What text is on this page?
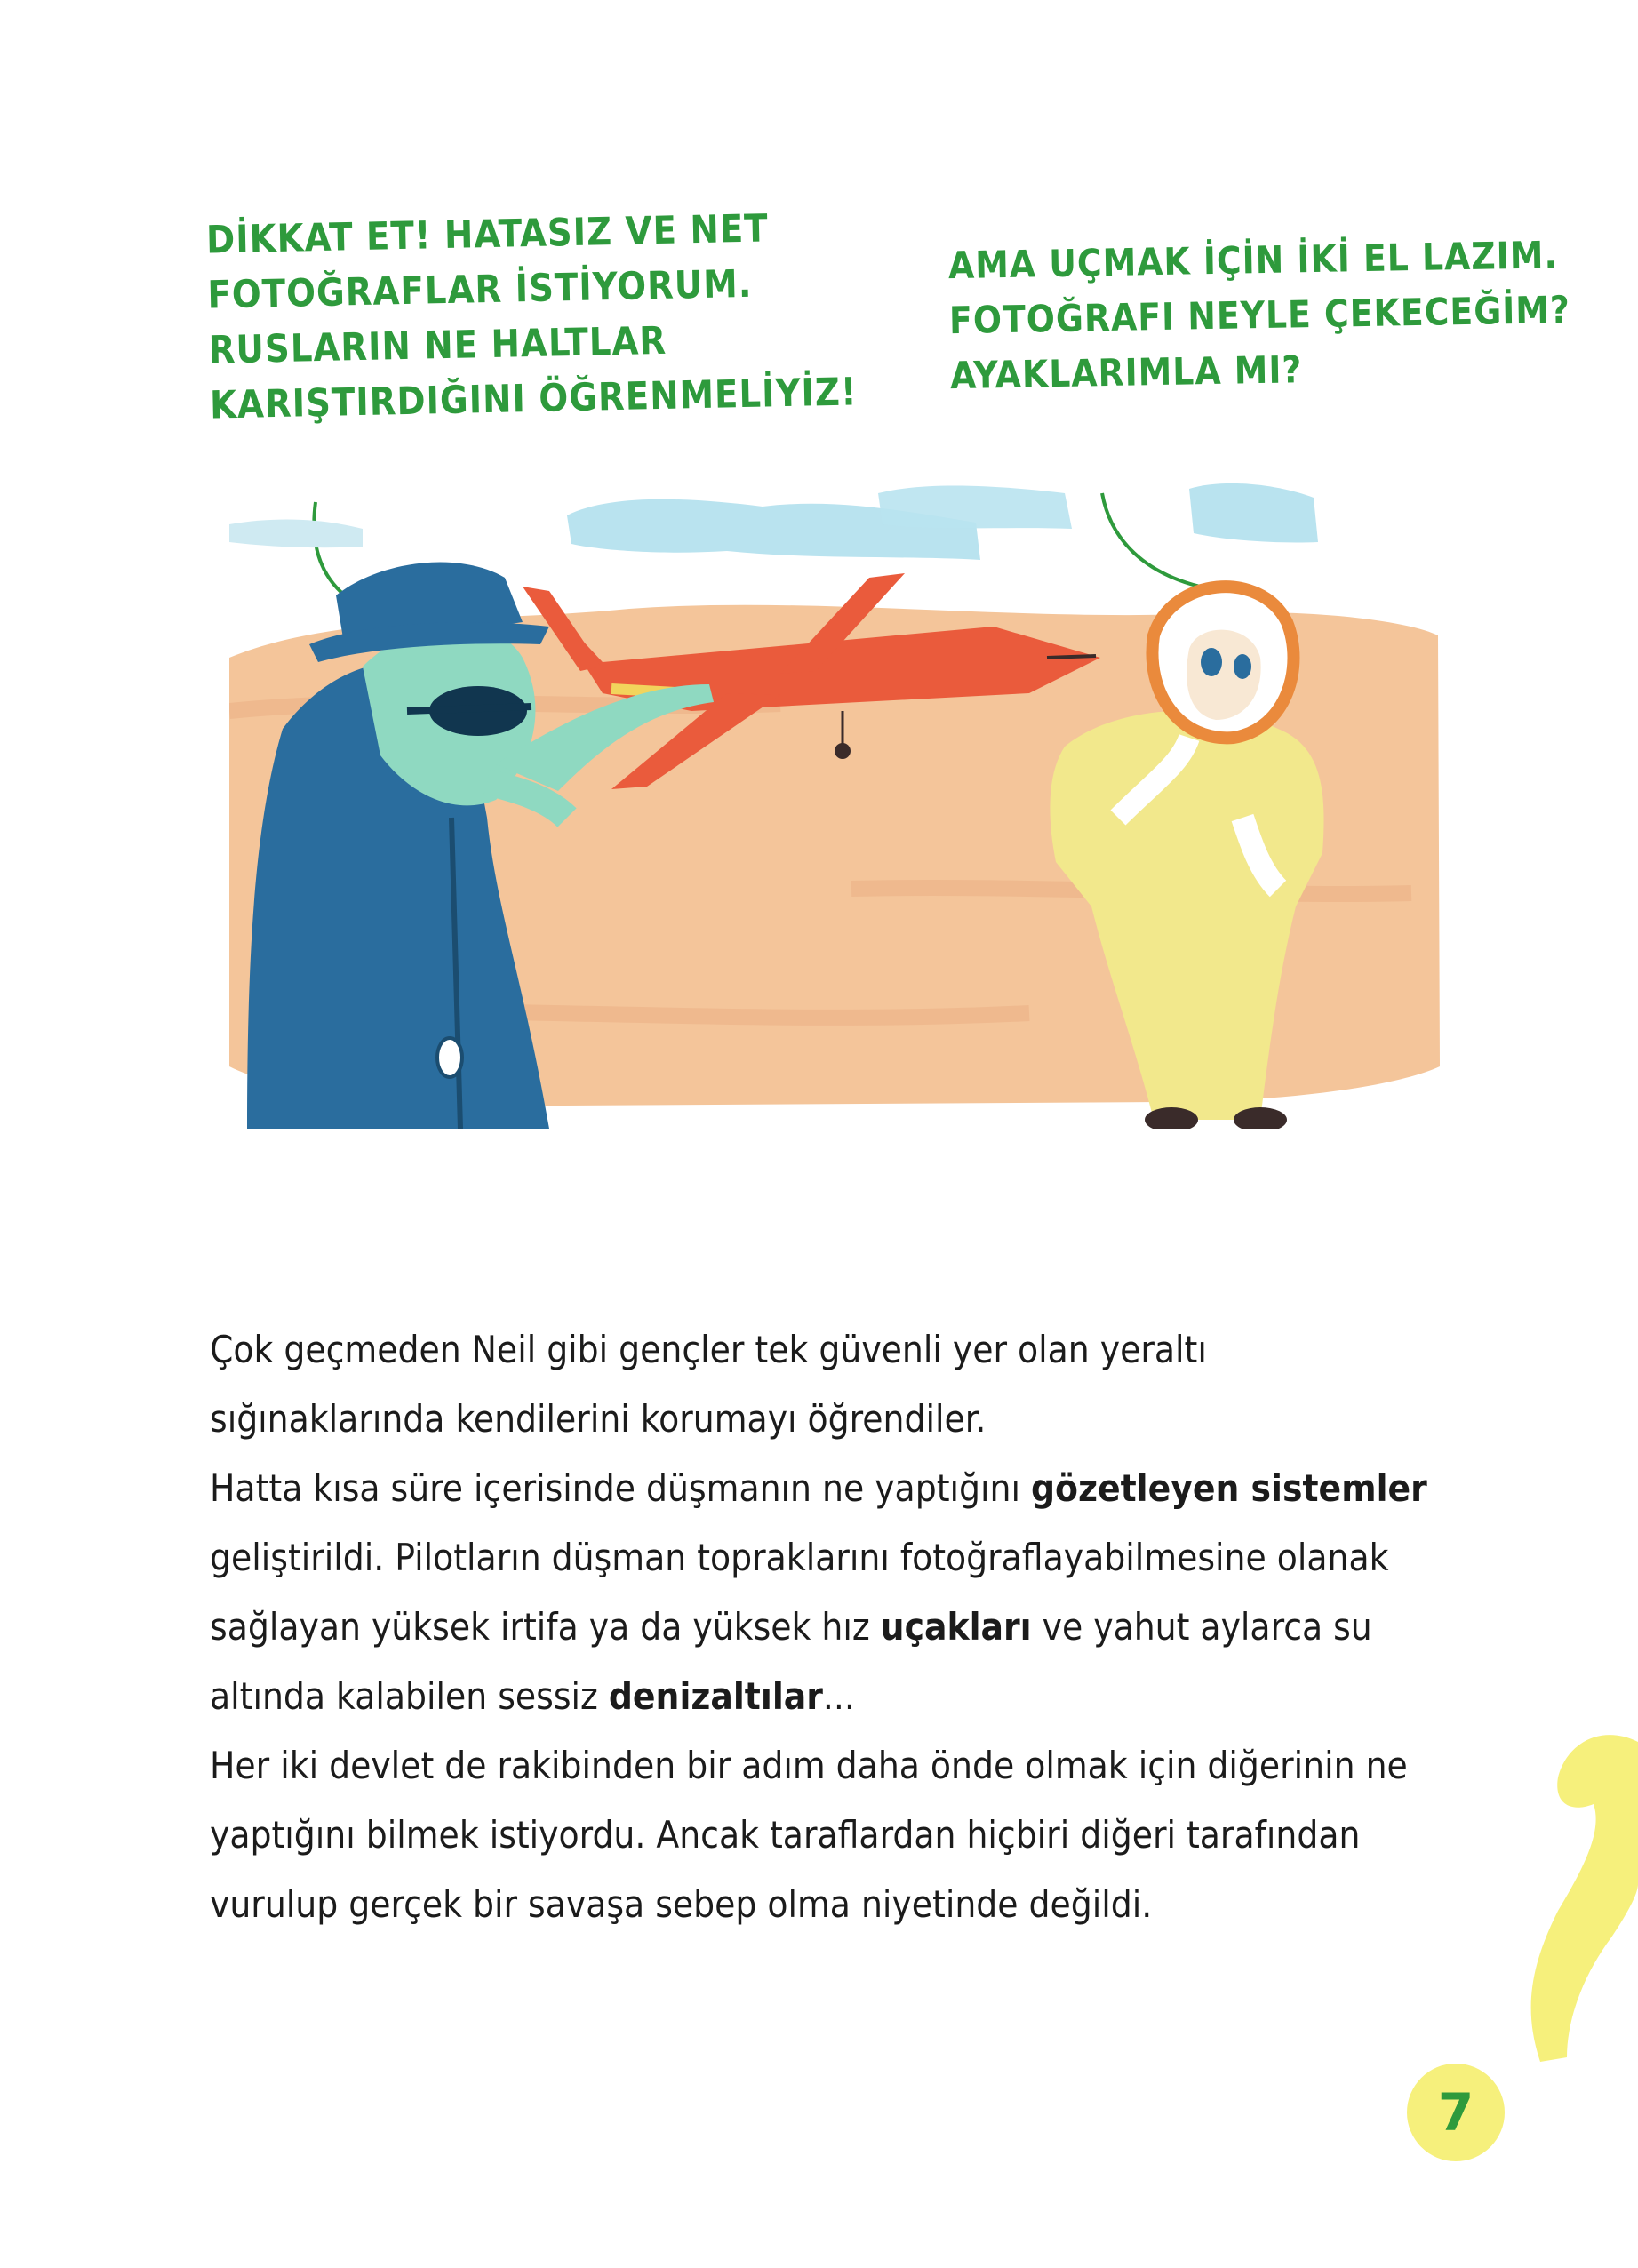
DİKKAT ET! HATASIZ VE NET
FOTOĞRAFLAR İSTİYORUM.
RUSLARIN NE HALTLAR
KARIŞTIRDIĞINI ÖĞRENMELİYİZ!
AMA UÇMAK İÇİN İKİ EL LAZIM.
FOTOĞRAFI NEYLE ÇEKECEĞİM?
AYAKLARIMLA MI?

Çok geçmeden Neil gibi gençler tek güvenli yer olan yeraltı
sığınaklarında kendilerini korumayı öğrendiler.

Hatta kısa süre içerisinde düşmanın ne yaptığını gözetleyen sistemler
geliştirildi. Pilotların düşman topraklarını fotoğraflayabilmesine olanak
sağlayan yüksek irtifa ya da yüksek hız uçakları ve yahut aylarca su
altında kalabilen sessiz denizaltılar...

Her iki devlet de rakibinden bir adım daha önde olmak için diğerinin ne
yaptığını bilmek istiyordu. Ancak taraflardan hiçbiri diğeri tarafından
vurulup gerçek bir savaşa sebep olma niyetinde değildi.

7
